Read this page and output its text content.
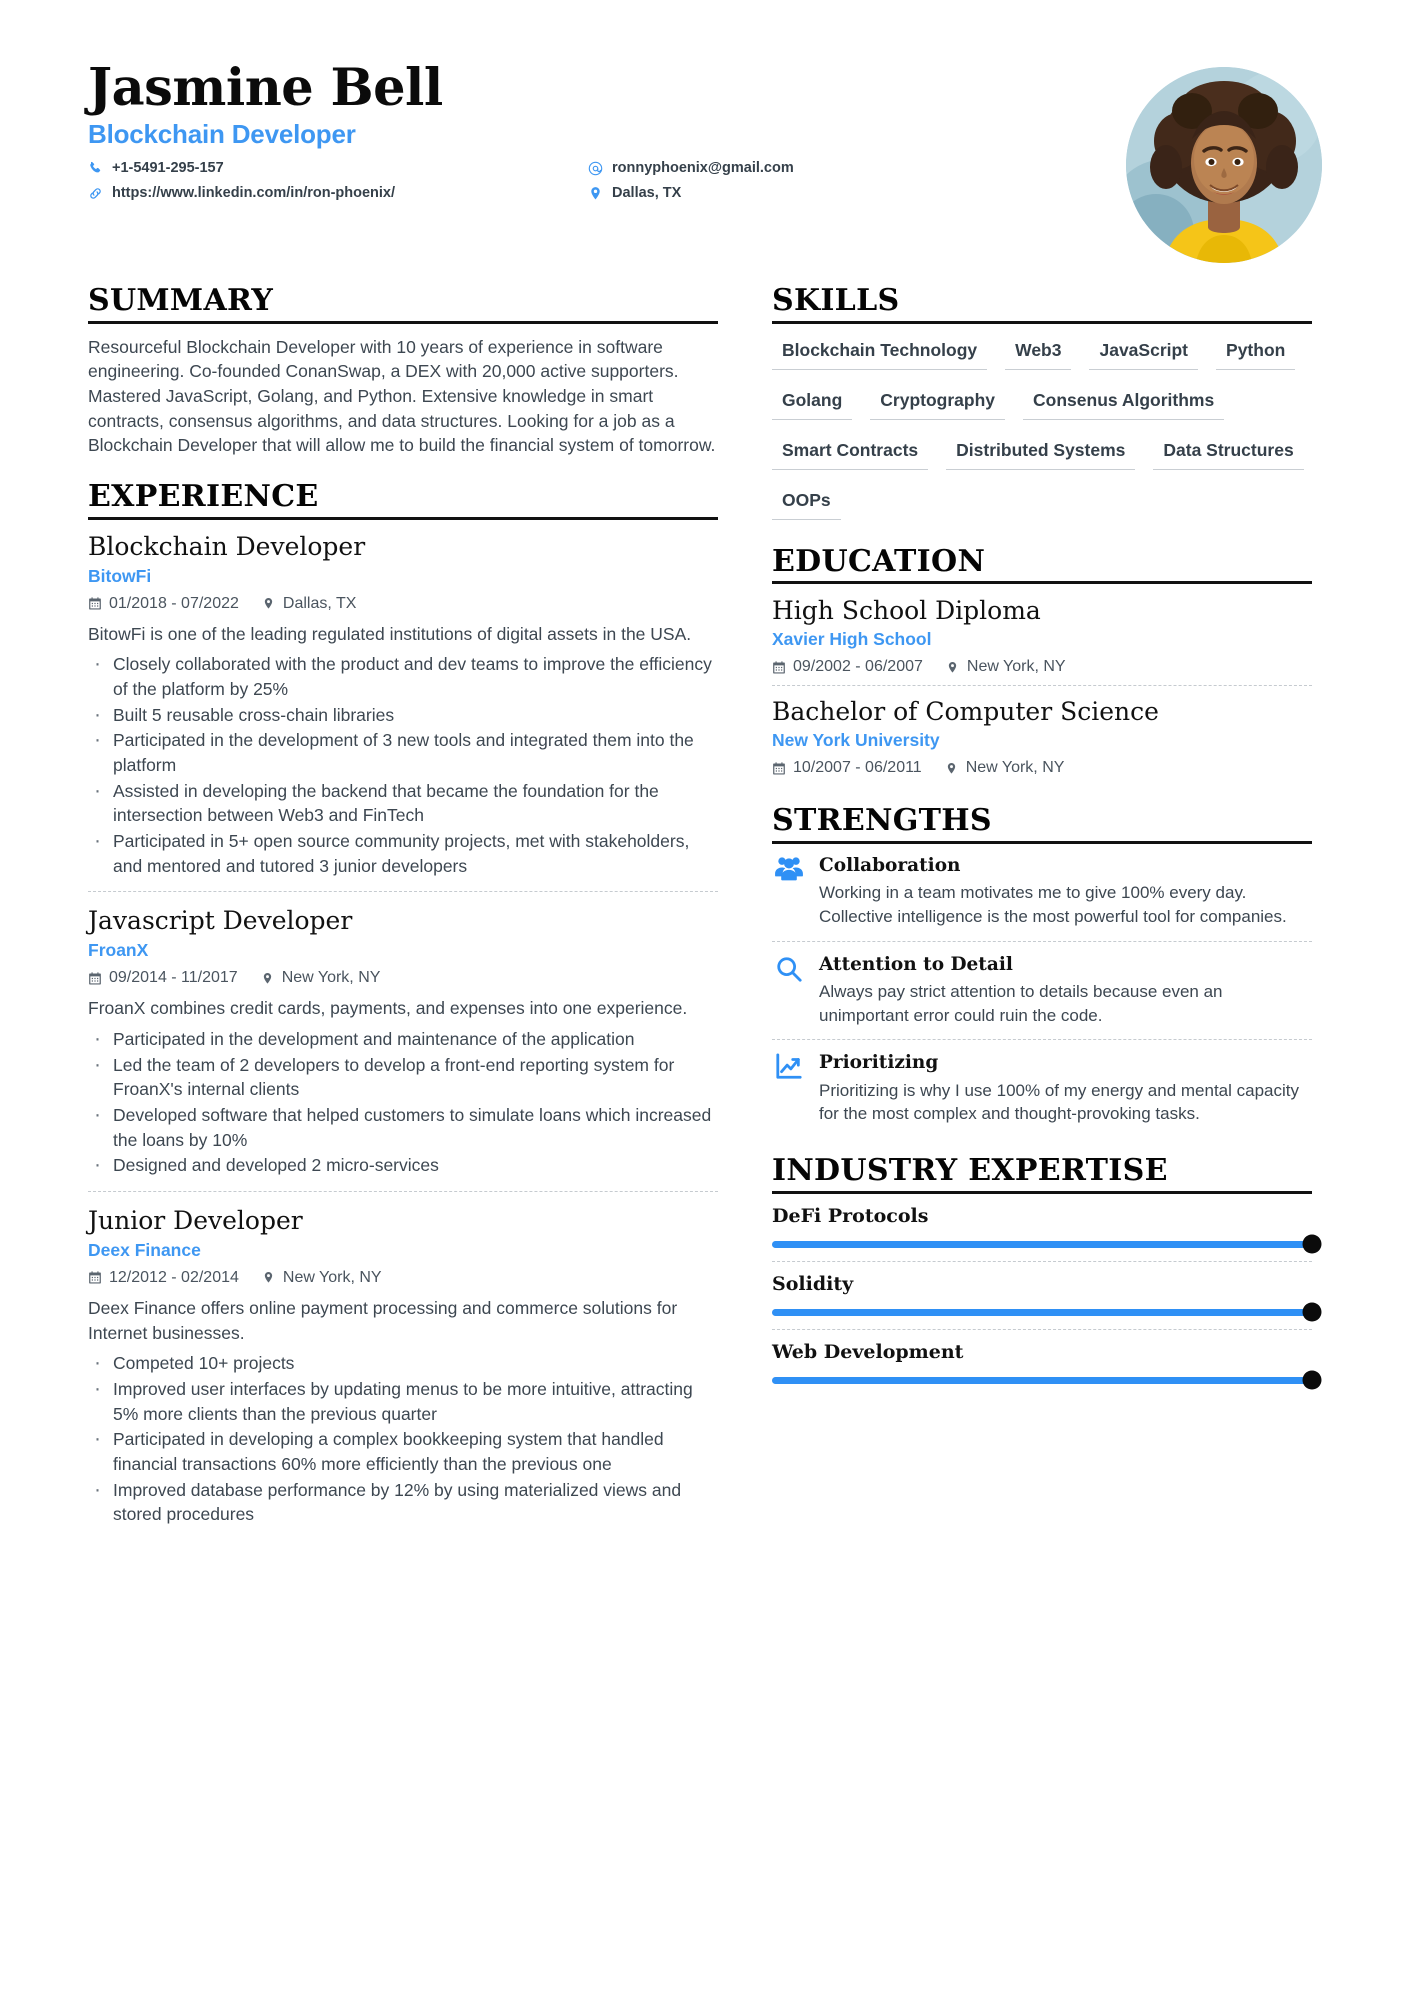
Jasmine Bell
Blockchain Developer
+1-5491-295-157	ronnyphoenix@gmail.com
https://www.linkedin.com/in/ron-phoenix/	Dallas, TX
SUMMARY
Resourceful Blockchain Developer with 10 years of experience in software engineering. Co-founded ConanSwap, a DEX with 20,000 active supporters. Mastered JavaScript, Golang, and Python. Extensive knowledge in smart contracts, consensus algorithms, and data structures. Looking for a job as a Blockchain Developer that will allow me to build the financial system of tomorrow.
EXPERIENCE
Blockchain Developer
BitowFi
01/2018 - 07/2022	Dallas, TX
BitowFi is one of the leading regulated institutions of digital assets in the USA.
· Closely collaborated with the product and dev teams to improve the efficiency of the platform by 25%
· Built 5 reusable cross-chain libraries
· Participated in the development of 3 new tools and integrated them into the platform
· Assisted in developing the backend that became the foundation for the intersection between Web3 and FinTech
· Participated in 5+ open source community projects, met with stakeholders, and mentored and tutored 3 junior developers
Javascript Developer
FroanX
09/2014 - 11/2017	New York, NY
FroanX combines credit cards, payments, and expenses into one experience.
· Participated in the development and maintenance of the application
· Led the team of 2 developers to develop a front-end reporting system for FroanX's internal clients
· Developed software that helped customers to simulate loans which increased the loans by 10%
· Designed and developed 2 micro-services
Junior Developer
Deex Finance
12/2012 - 02/2014	New York, NY
Deex Finance offers online payment processing and commerce solutions for Internet businesses.
· Competed 10+ projects
· Improved user interfaces by updating menus to be more intuitive, attracting 5% more clients than the previous quarter
· Participated in developing a complex bookkeeping system that handled financial transactions 60% more efficiently than the previous one
· Improved database performance by 12% by using materialized views and stored procedures
SKILLS
Blockchain Technology	Web3	JavaScript	Python
Golang	Cryptography	Consenus Algorithms
Smart Contracts	Distributed Systems	Data Structures
OOPs
EDUCATION
High School Diploma
Xavier High School
09/2002 - 06/2007	New York, NY
Bachelor of Computer Science
New York University
10/2007 - 06/2011	New York, NY
STRENGTHS
Collaboration
Working in a team motivates me to give 100% every day. Collective intelligence is the most powerful tool for companies.
Attention to Detail
Always pay strict attention to details because even an unimportant error could ruin the code.
Prioritizing
Prioritizing is why I use 100% of my energy and mental capacity for the most complex and thought-provoking tasks.
INDUSTRY EXPERTISE
DeFi Protocols
Solidity
Web Development
